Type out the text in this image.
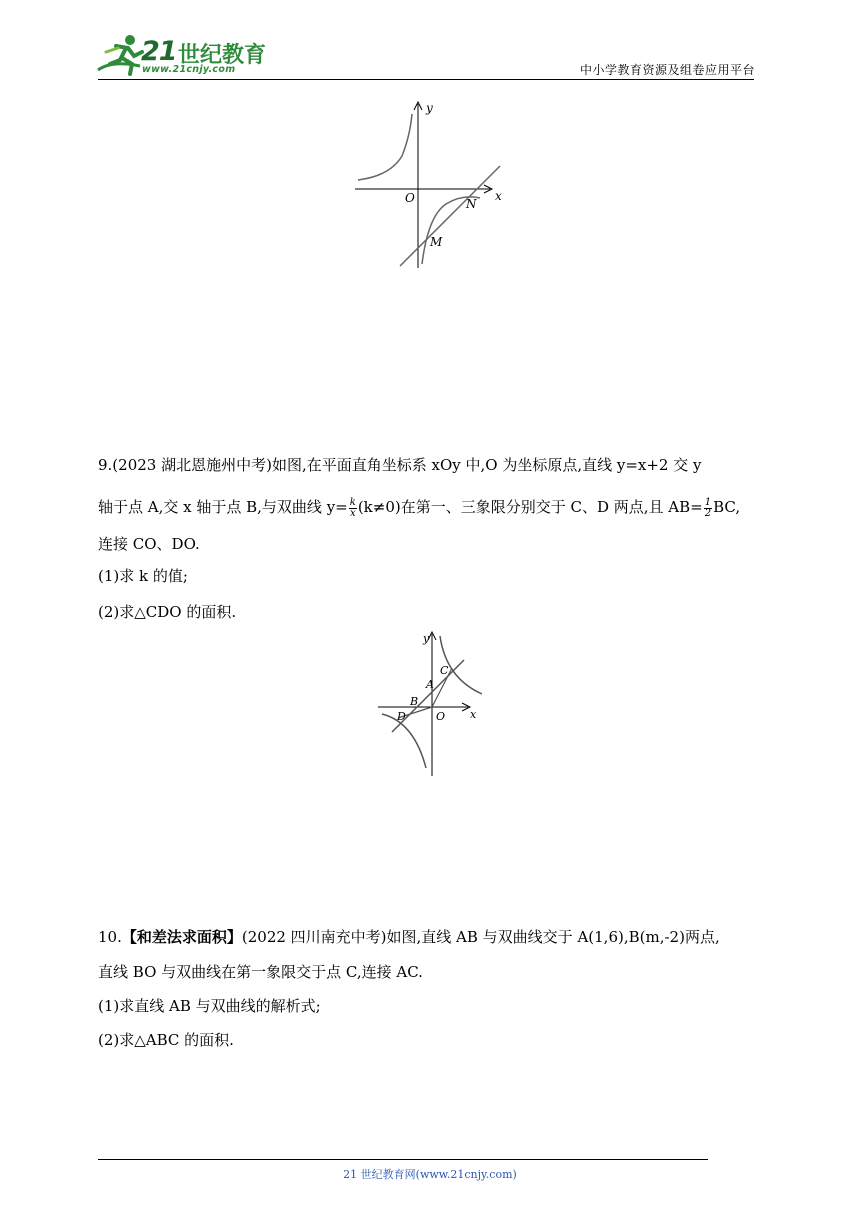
21 世纪教育
www.21cnjy.com	中小学教育资源及组卷应用平台
y
x
O	N
M
9.(2023 湖北恩施州中考)如图,在平面直角坐标系 xOy 中,O 为坐标原点,直线 y=x+2 交 y
轴于点 A,交 x 轴于点 B,与双曲线 $y= \frac{k}{x} (k\ne 0)$在第一、三象限分别交于 C、D 两点,且 $AB= \frac{1}{2}$ BC,
连接 CO、DO.
(1)求 k 的值;
(2)求△CDO 的面积.
y
x
O
A
B
C
D
10.【和差法求面积】(2022 四川南充中考)如图,直线 AB 与双曲线交于 A(1,6),B(m,-2)两点,
直线 BO 与双曲线在第一象限交于点 C,连接 AC.
(1)求直线 AB 与双曲线的解析式;
(2)求△ABC 的面积.
21 世纪教育网(www.21cnjy.com)
